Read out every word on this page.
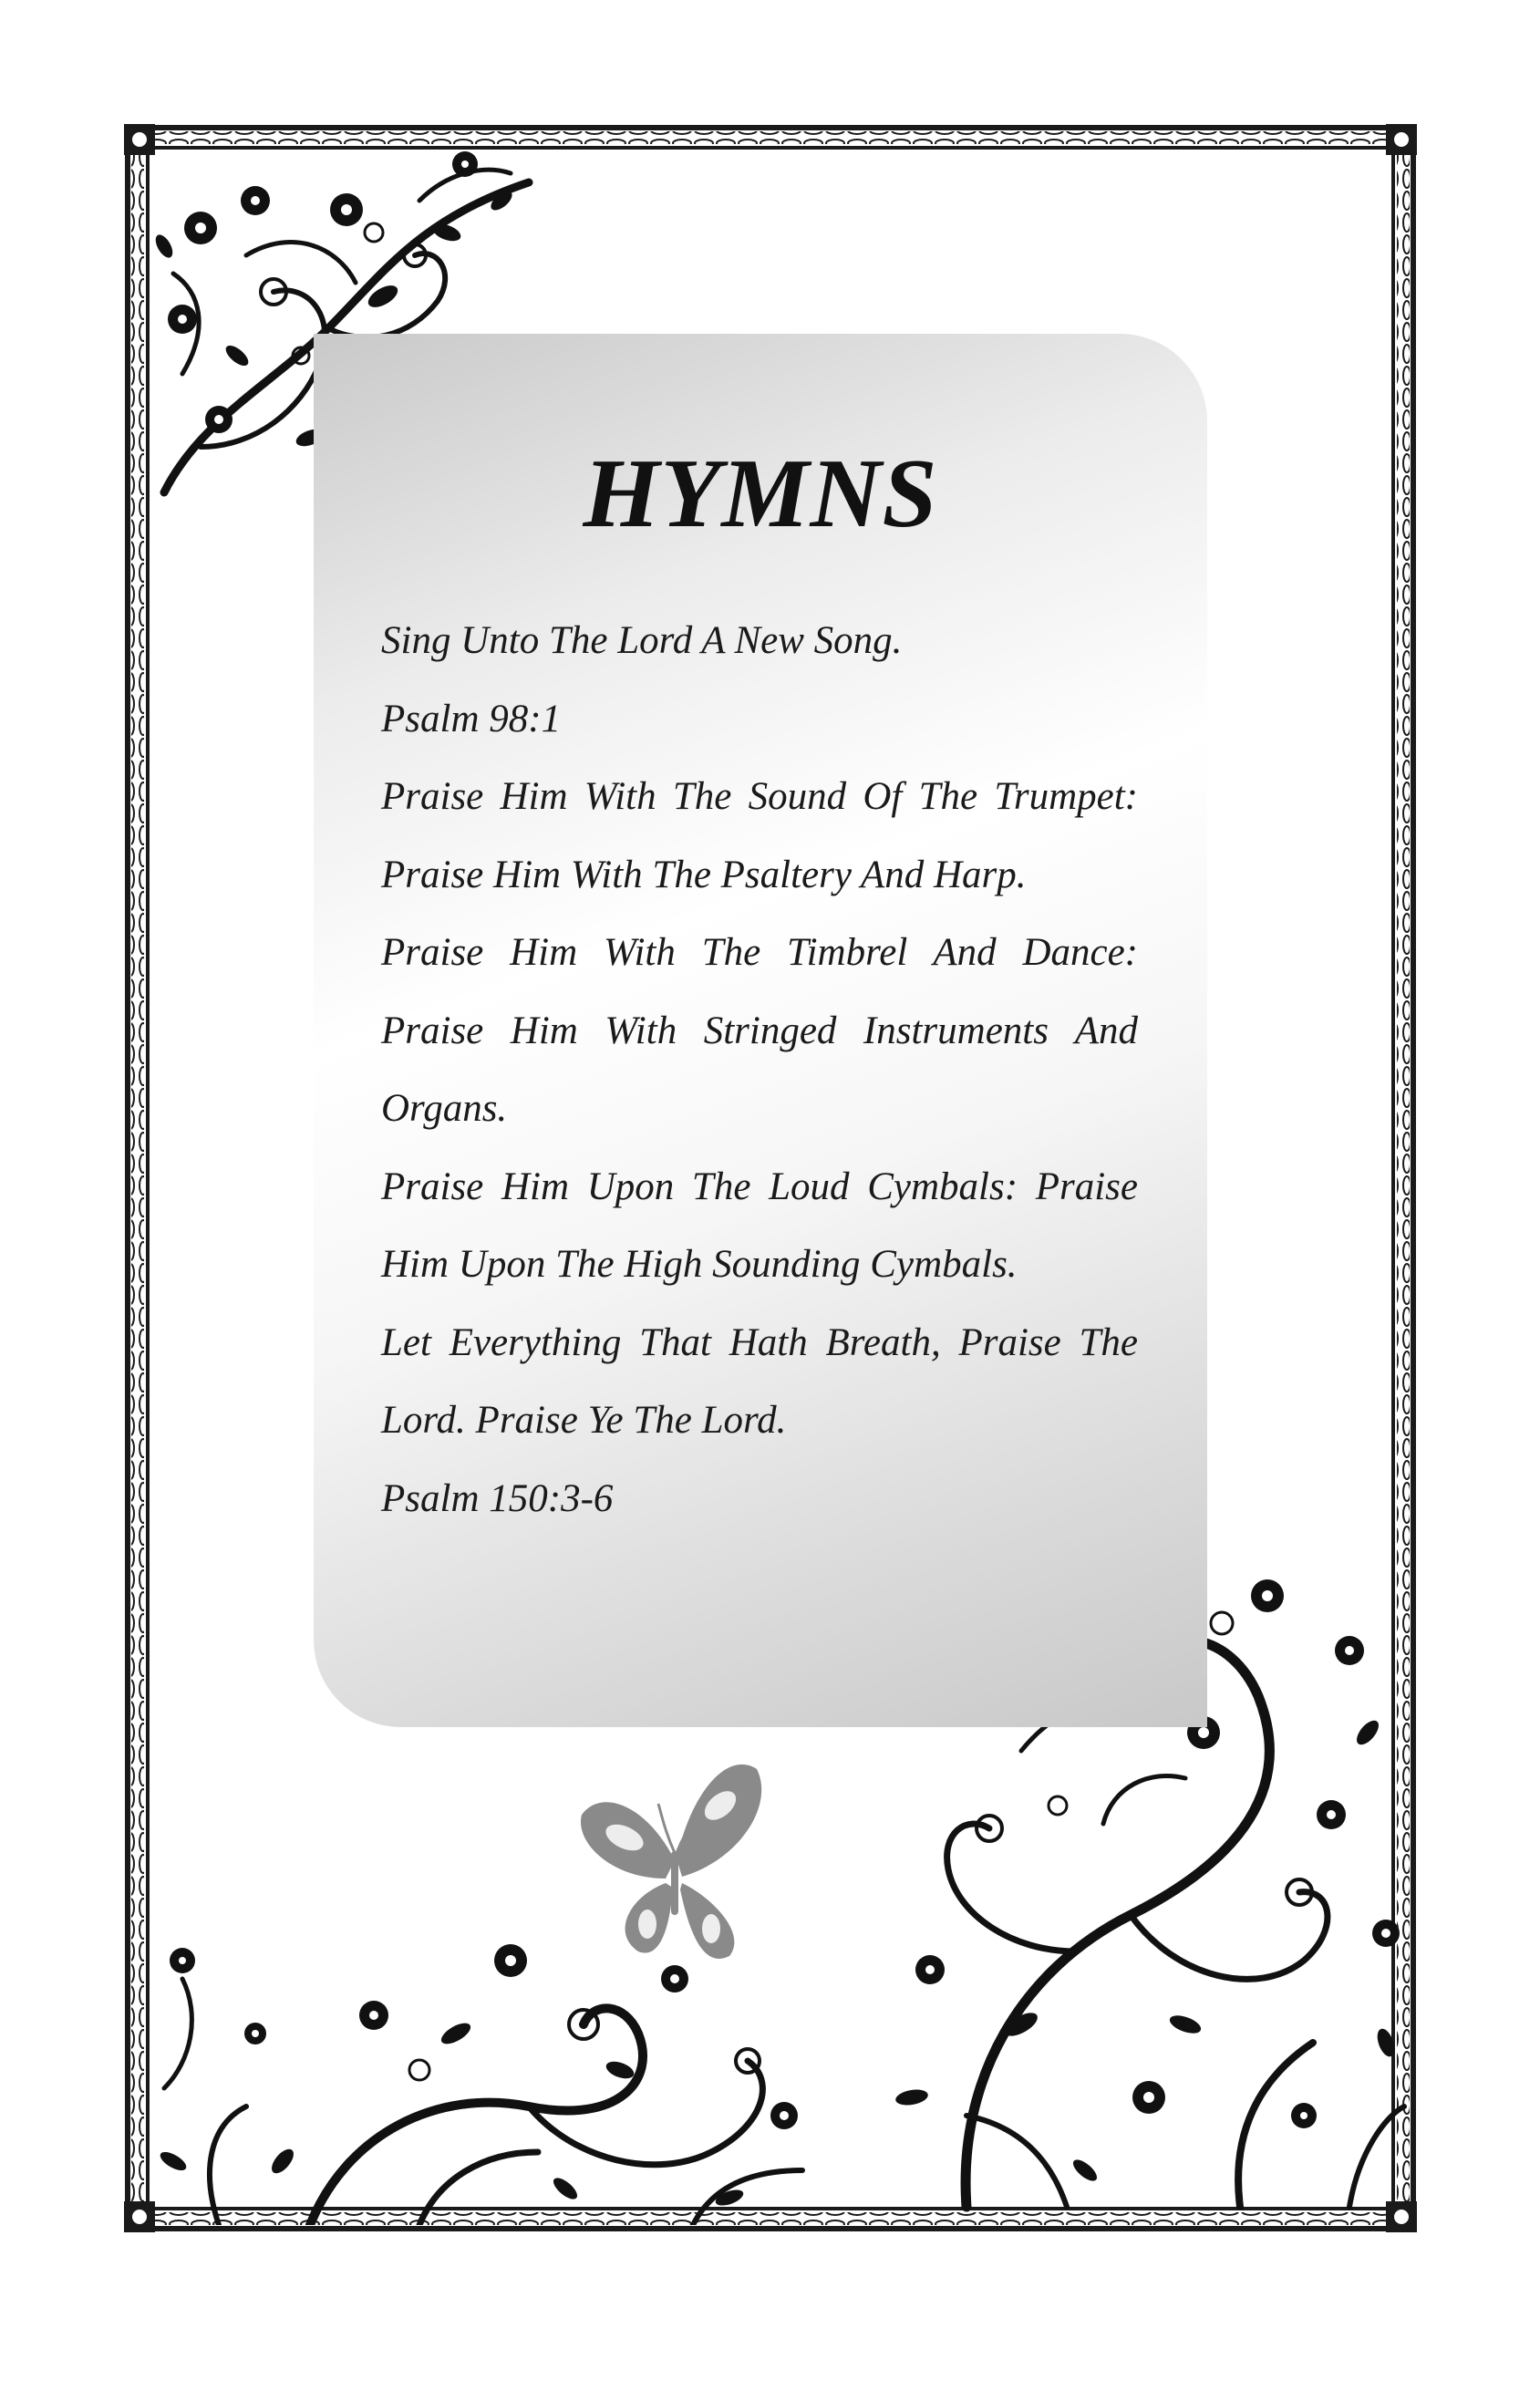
HYMNS

Sing Unto The Lord A New Song.

Psalm 98:1

Praise Him With The Sound Of The Trumpet: Praise Him With The Psaltery And Harp.

Praise Him With The Timbrel And Dance: Praise Him With Stringed Instruments And Organs.

Praise Him Upon The Loud Cymbals: Praise Him Upon The High Sounding Cymbals.

Let Everything That Hath Breath, Praise The Lord. Praise Ye The Lord.

Psalm 150:3-6
